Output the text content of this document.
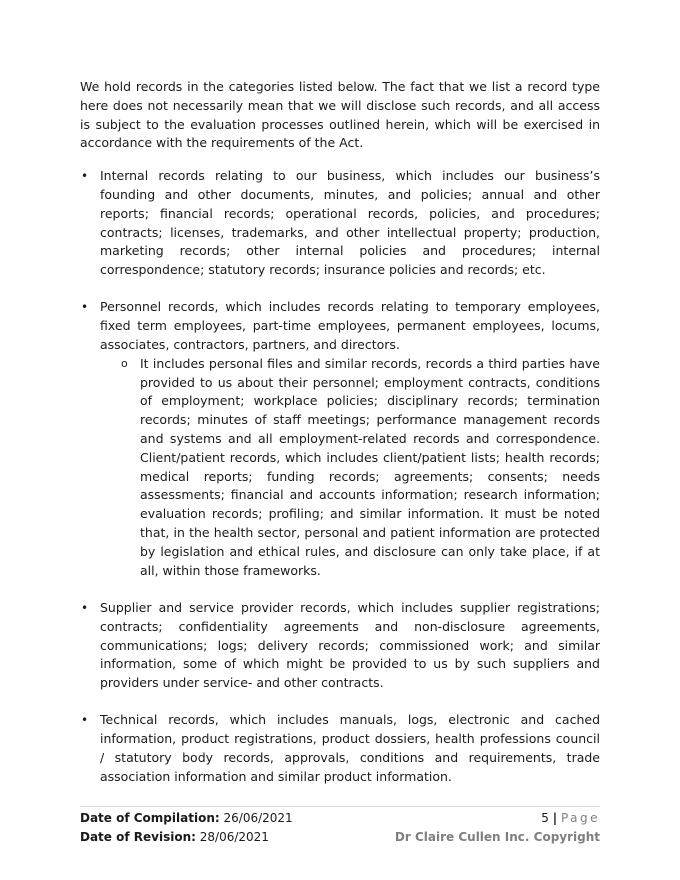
We hold records in the categories listed below. The fact that we list a record type here does not necessarily mean that we will disclose such records, and all access is subject to the evaluation processes outlined herein, which will be exercised in accordance with the requirements of the Act.

• Internal records relating to our business, which includes our business’s founding and other documents, minutes, and policies; annual and other reports; financial records; operational records, policies, and procedures; contracts; licenses, trademarks, and other intellectual property; production, marketing records; other internal policies and procedures; internal correspondence; statutory records; insurance policies and records; etc.
• Personnel records, which includes records relating to temporary employees, fixed term employees, part-time employees, permanent employees, locums, associates, contractors, partners, and directors.
o It includes personal files and similar records, records a third parties have provided to us about their personnel; employment contracts, conditions of employment; workplace policies; disciplinary records; termination records; minutes of staff meetings; performance management records and systems and all employment-related records and correspondence. Client/patient records, which includes client/patient lists; health records; medical reports; funding records; agreements; consents; needs assessments; financial and accounts information; research information; evaluation records; profiling; and similar information. It must be noted that, in the health sector, personal and patient information are protected by legislation and ethical rules, and disclosure can only take place, if at all, within those frameworks.
• Supplier and service provider records, which includes supplier registrations; contracts; confidentiality agreements and non-disclosure agreements, communications; logs; delivery records; commissioned work; and similar information, some of which might be provided to us by such suppliers and providers under service- and other contracts.
• Technical records, which includes manuals, logs, electronic and cached information, product registrations, product dossiers, health professions council / statutory body records, approvals, conditions and requirements, trade association information and similar product information.
Date of Compilation: 26/06/2021	5 | Page
Date of Revision: 28/06/2021	Dr Claire Cullen Inc. Copyright
